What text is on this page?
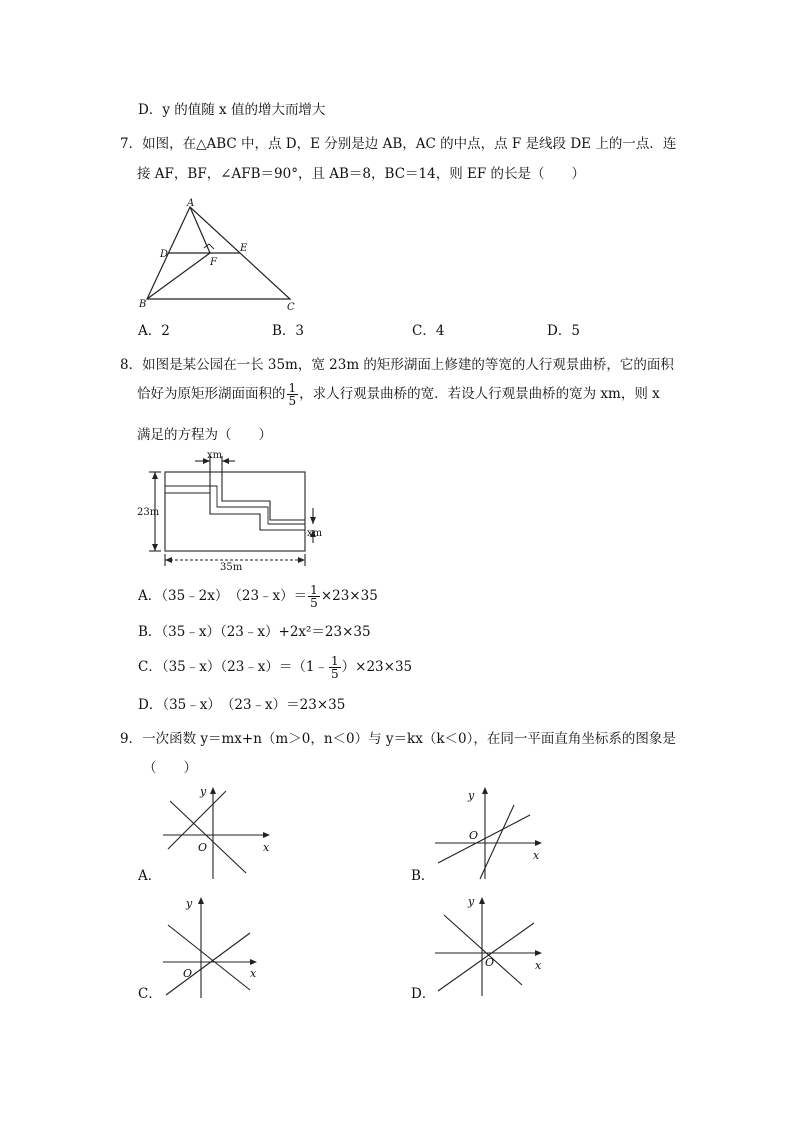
D．y 的值随 x 值的增大而增大
7．如图，在△ABC 中，点 D，E 分别是边 AB，AC 的中点，点 F 是线段 DE 上的一点．连
接 AF，BF，∠AFB＝90°，且 AB＝8，BC＝14，则 EF 的长是（　　）
A
D
E
F
B	C
A．2	B．3	C．4	D．5
8．如图是某公园在一长 35m，宽 23m 的矩形湖面上修建的等宽的人行观景曲桥，它的面积
恰好为原矩形湖面面积的 $\frac{1}{5}$ ，求人行观景曲桥的宽．若设人行观景曲桥的宽为 xm，则 x
满足的方程为（　　）
xm
xm
23m
35m
A．（35﹣2x）　（23﹣x）＝ $\frac{1}{5} \times 23\times 35$
B．（35﹣x）（23﹣x）+2x²＝23×35
C．（35﹣x）（23﹣x）＝（1﹣ $\frac{1}{5} )\times 23\times 35$
D．（35﹣x）　（23﹣x）＝23×35
9．一次函数 y＝mx+n（m＞0，n＜0）与 y＝kx（k＜0），在同一平面直角坐标系的图象是
（　　）
y
x
O
A．
y
x
O
B．
y
x
O
C．
y
x
O
D．
